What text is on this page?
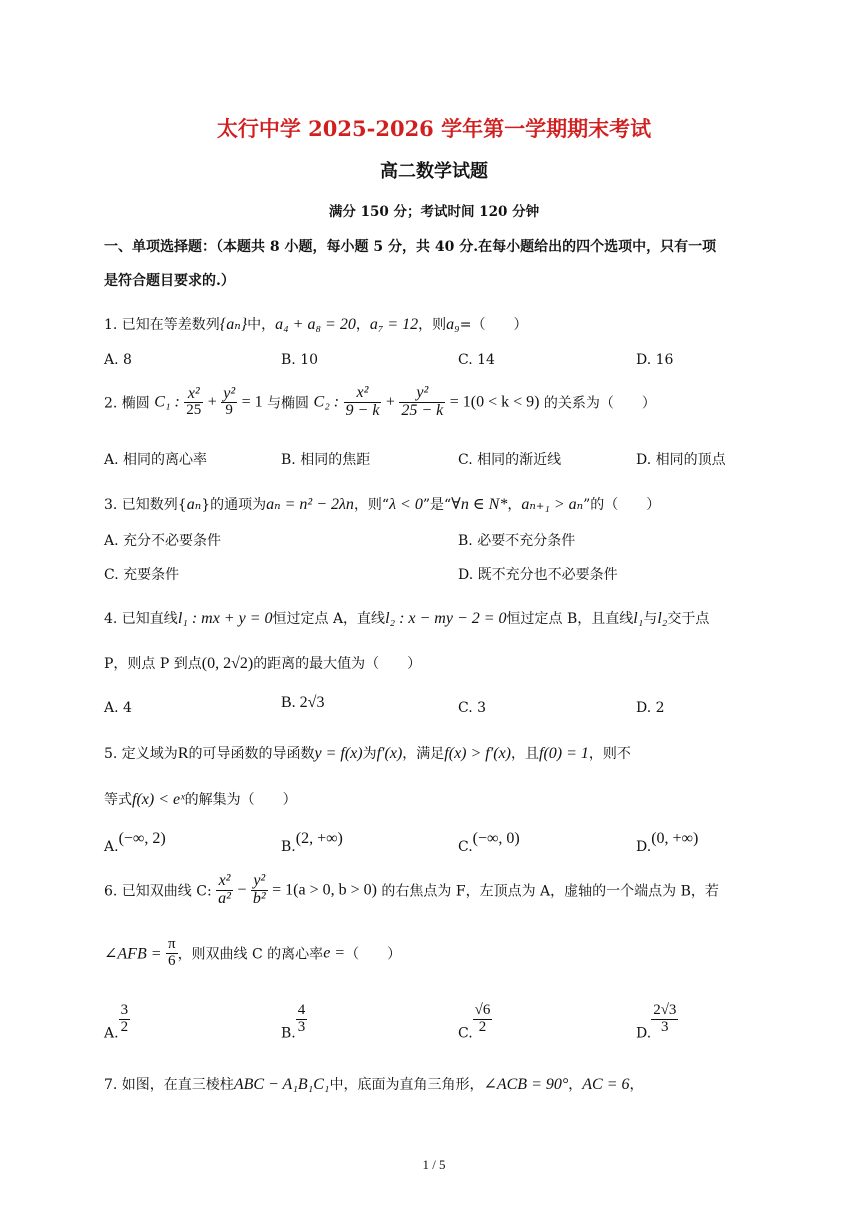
太行中学 2025-2026 学年第一学期期末考试
高二数学试题
满分 150 分；考试时间 120 分钟
一、单项选择题：（本题共 8 小题，每小题 5 分，共 40 分.在每小题给出的四个选项中，只有一项
是符合题目要求的.）
1. 已知在等差数列{aₙ}中，a₄ + a₈ = 20，a₇ = 12，则a₉=（　　）
A. 8	B. 10	C. 14	D. 16
2. 椭圆 C₁ : $\frac{\text{x²}}{25} + \frac{\text{y²}}{9} = 1$ 与椭圆 C₂ : $\frac{\text{x²}}{9 - k} + \frac{\text{y²}}{25 - k} = 1(0 < k < 9)$ 的关系为（　　）
A. 相同的离心率	B. 相同的焦距	C. 相同的渐近线	D. 相同的顶点
3. 已知数列{aₙ}的通项为aₙ = n² − 2λn，则“λ < 0”是“∀n ∈ N*，aₙ₊₁ > aₙ”的（　　）
A. 充分不必要条件	B. 必要不充分条件
C. 充要条件	D. 既不充分也不必要条件
4. 已知直线l₁ : mx + y = 0恒过定点 A，直线l₂ : x − my − 2 = 0恒过定点 B，且直线l₁与l₂交于点
P，则点 P 到点(0, 2√2)的距离的最大值为（　　）
A. 4	B. 2√3	C. 3	D. 2
5. 定义域为R的可导函数的导函数y = f(x)为f′(x)，满足f(x) > f′(x)，且f(0) = 1，则不
等式f(x) < eˣ的解集为（　　）
A.(−∞, 2)	B.(2, +∞)	C.(−∞, 0)	D.(0, +∞)
6. 已知双曲线 C: $\frac{\text{x²}}{\text{a²}} - \frac{\text{y²}}{\text{b²}} = 1(a > 0$, b > 0) 的右焦点为 F，左顶点为 A，虚轴的一个端点为 B，若
∠AFB = $\frac{\pi}{6}$ ，则双曲线 C 的离心率e =（　　）
A. $\frac{3}{2}$	B. $\frac{4}{3}$	C. $\frac{√6}{2}$	D. $\frac{2√3}{3}$
7. 如图，在直三棱柱ABC − A₁B₁C₁中，底面为直角三角形，∠ACB = 90°，AC = 6，
1 / 5
